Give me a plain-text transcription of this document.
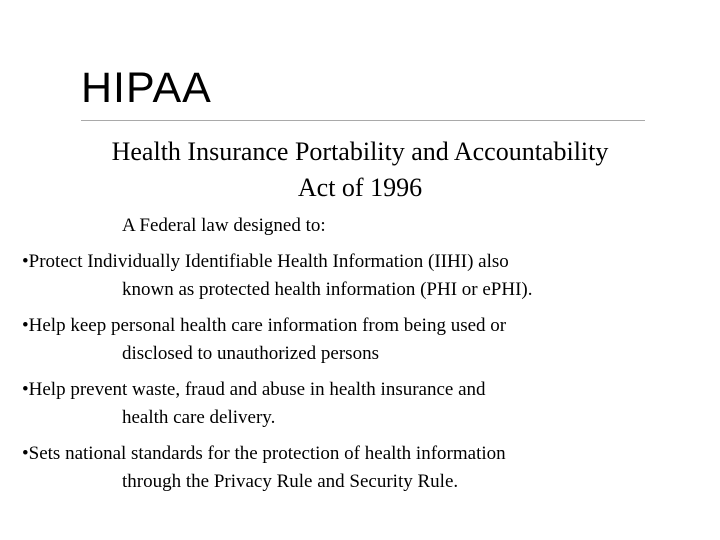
HIPAA

Health Insurance Portability and Accountability

Act of 1996

A Federal law designed to:

•Protect Individually Identifiable Health Information (IIHI) also

known as protected health information (PHI or ePHI).

•Help keep personal health care information from being used or

disclosed to unauthorized persons

•Help prevent waste, fraud and abuse in health insurance and

health care delivery.

•Sets national standards for the protection of health information

through the Privacy Rule and Security Rule.
